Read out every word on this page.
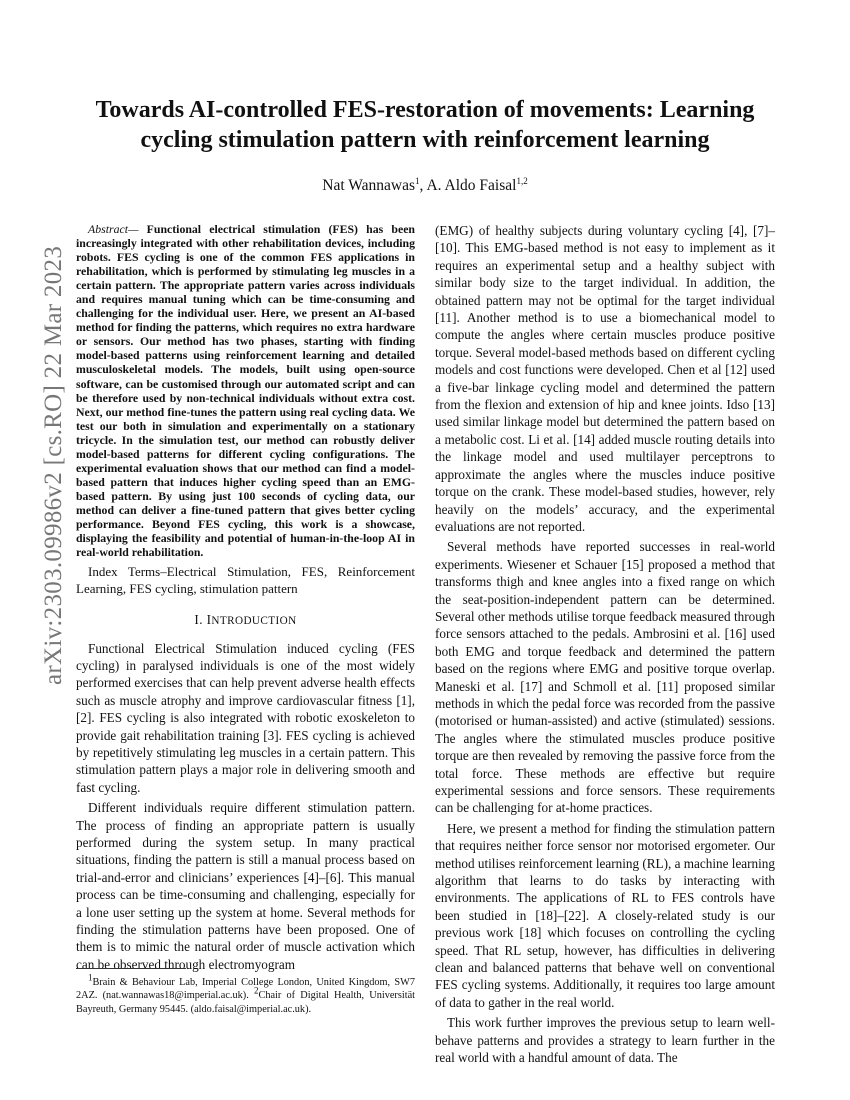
arXiv:2303.09986v2 [cs.RO] 22 Mar 2023
Towards AI-controlled FES-restoration of movements: Learning cycling stimulation pattern with reinforcement learning
Nat Wannawas$^1$, A. Aldo Faisal$^{1,2}$

Abstract— Functional electrical stimulation (FES) has been increasingly integrated with other rehabilitation devices, including robots. FES cycling is one of the common FES applications in rehabilitation, which is performed by stimulating leg muscles in a certain pattern. The appropriate pattern varies across individuals and requires manual tuning which can be time-consuming and challenging for the individual user. Here, we present an AI-based method for finding the patterns, which requires no extra hardware or sensors. Our method has two phases, starting with finding model-based patterns using reinforcement learning and detailed musculoskeletal models. The models, built using open-source software, can be customised through our automated script and can be therefore used by non-technical individuals without extra cost. Next, our method fine-tunes the pattern using real cycling data. We test our both in simulation and experimentally on a stationary tricycle. In the simulation test, our method can robustly deliver model-based patterns for different cycling configurations. The experimental evaluation shows that our method can find a model-based pattern that induces higher cycling speed than an EMG-based pattern. By using just 100 seconds of cycling data, our method can deliver a fine-tuned pattern that gives better cycling performance. Beyond FES cycling, this work is a showcase, displaying the feasibility and potential of human-in-the-loop AI in real-world rehabilitation.

Index Terms–Electrical Stimulation, FES, Reinforcement Learning, FES cycling, stimulation pattern

I. INTRODUCTION

Functional Electrical Stimulation induced cycling (FES cycling) in paralysed individuals is one of the most widely performed exercises that can help prevent adverse health effects such as muscle atrophy and improve cardiovascular fitness [1], [2]. FES cycling is also integrated with robotic exoskeleton to provide gait rehabilitation training [3]. FES cycling is achieved by repetitively stimulating leg muscles in a certain pattern. This stimulation pattern plays a major role in delivering smooth and fast cycling.

Different individuals require different stimulation pattern. The process of finding an appropriate pattern is usually performed during the system setup. In many practical situations, finding the pattern is still a manual process based on trial-and-error and clinicians’ experiences [4]–[6]. This manual process can be time-consuming and challenging, especially for a lone user setting up the system at home. Several methods for finding the stimulation patterns have been proposed. One of them is to mimic the natural order of muscle activation which can be observed through electromyogram

$^1$Brain & Behaviour Lab, Imperial College London, United Kingdom, SW7 2AZ. (nat.wannawas18@imperial.ac.uk). $^2$Chair of Digital Health, Universität Bayreuth, Germany 95445. (aldo.faisal@imperial.ac.uk).

(EMG) of healthy subjects during voluntary cycling [4], [7]–[10]. This EMG-based method is not easy to implement as it requires an experimental setup and a healthy subject with similar body size to the target individual. In addition, the obtained pattern may not be optimal for the target individual [11]. Another method is to use a biomechanical model to compute the angles where certain muscles produce positive torque. Several model-based methods based on different cycling models and cost functions were developed. Chen et al [12] used a five-bar linkage cycling model and determined the pattern from the flexion and extension of hip and knee joints. Idso [13] used similar linkage model but determined the pattern based on a metabolic cost. Li et al. [14] added muscle routing details into the linkage model and used multilayer perceptrons to approximate the angles where the muscles induce positive torque on the crank. These model-based studies, however, rely heavily on the models’ accuracy, and the experimental evaluations are not reported.

Several methods have reported successes in real-world experiments. Wiesener et Schauer [15] proposed a method that transforms thigh and knee angles into a fixed range on which the seat-position-independent pattern can be determined. Several other methods utilise torque feedback measured through force sensors attached to the pedals. Ambrosini et al. [16] used both EMG and torque feedback and determined the pattern based on the regions where EMG and positive torque overlap. Maneski et al. [17] and Schmoll et al. [11] proposed similar methods in which the pedal force was recorded from the passive (motorised or human-assisted) and active (stimulated) sessions. The angles where the stimulated muscles produce positive torque are then revealed by removing the passive force from the total force. These methods are effective but require experimental sessions and force sensors. These requirements can be challenging for at-home practices.

Here, we present a method for finding the stimulation pattern that requires neither force sensor nor motorised ergometer. Our method utilises reinforcement learning (RL), a machine learning algorithm that learns to do tasks by interacting with environments. The applications of RL to FES controls have been studied in [18]–[22]. A closely-related study is our previous work [18] which focuses on controlling the cycling speed. That RL setup, however, has difficulties in delivering clean and balanced patterns that behave well on conventional FES cycling systems. Additionally, it requires too large amount of data to gather in the real world.

This work further improves the previous setup to learn well-behave patterns and provides a strategy to learn further in the real world with a handful amount of data. The
